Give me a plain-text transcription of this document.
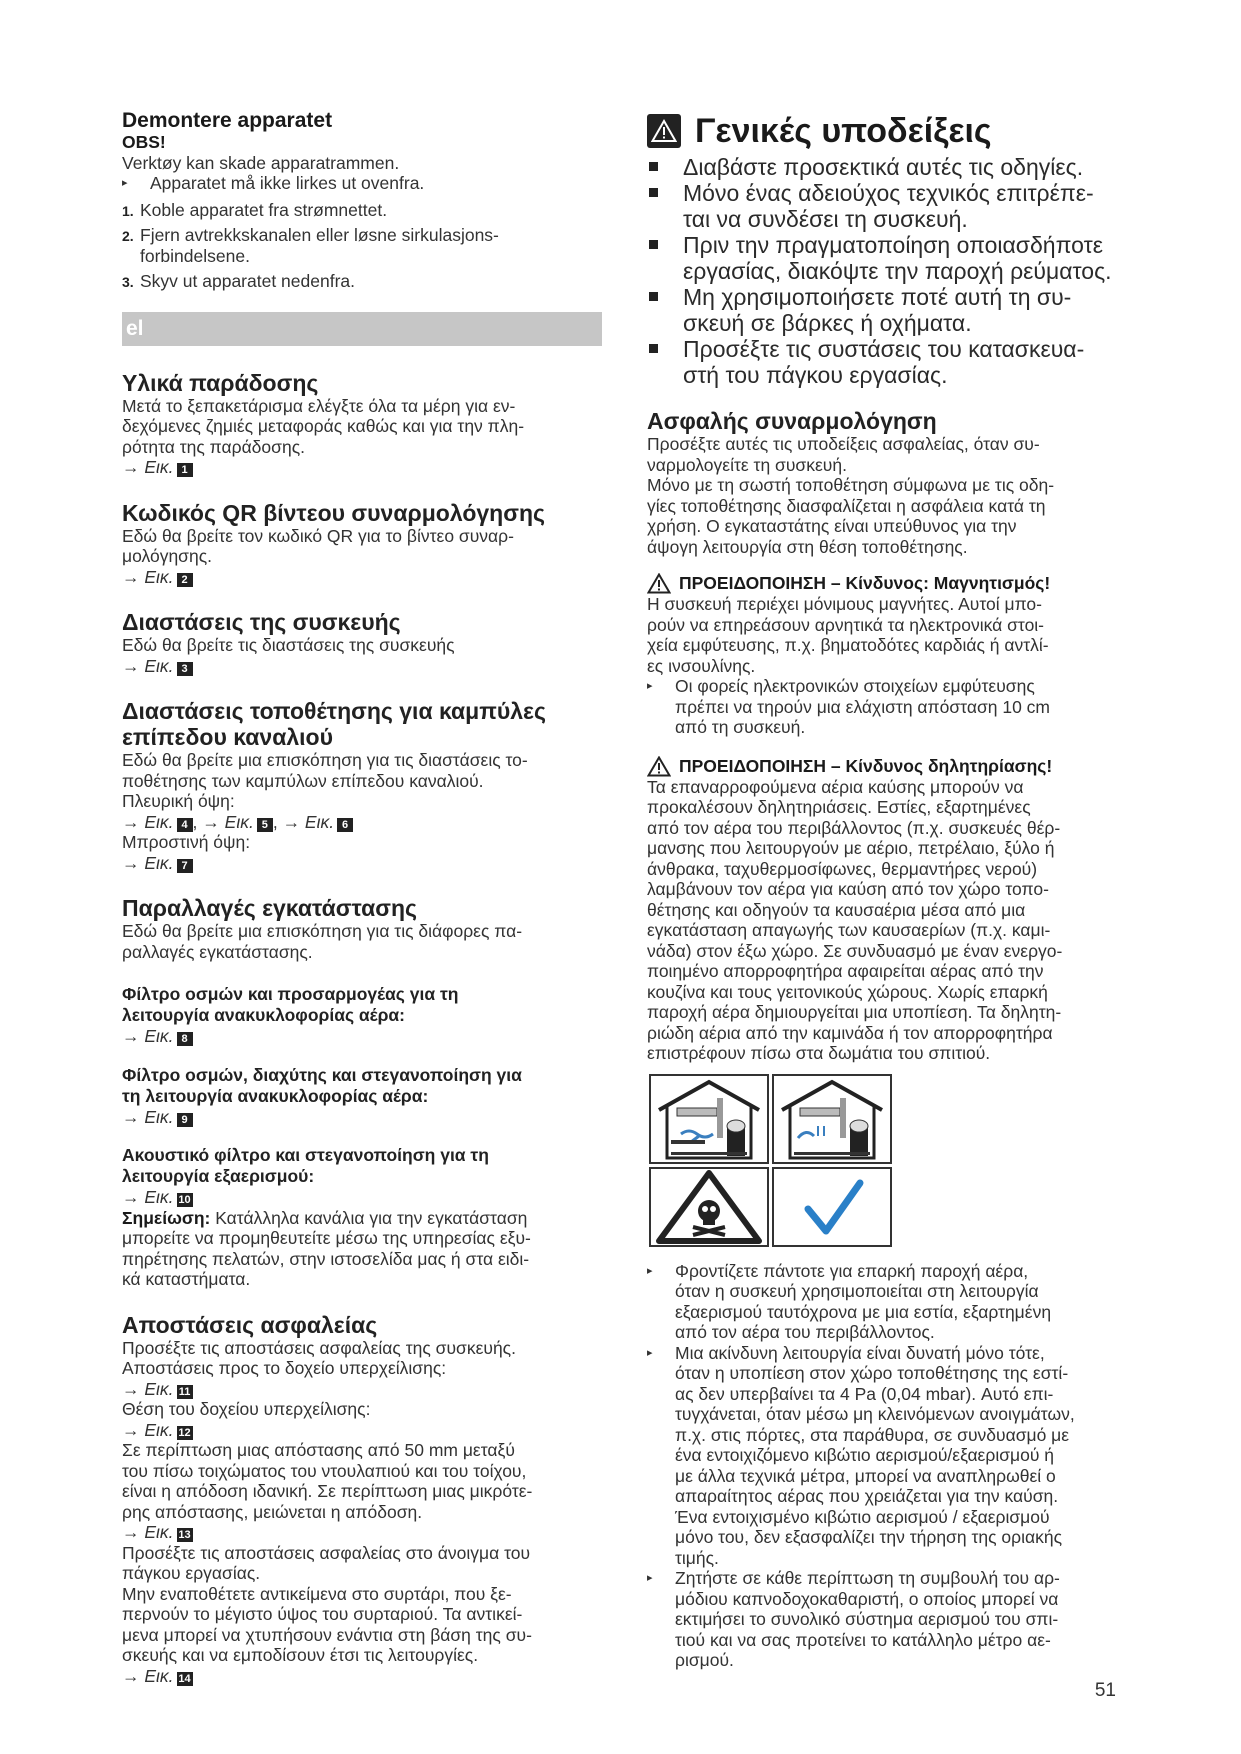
Demontere apparatet

OBS!

Verktøy kan skade apparatrammen.

▸ Apparatet må ikke lirkes ut ovenfra.

1. Koble apparatet fra strømnettet.

2. Fjern avtrekkskanalen eller løsne sirkulasjons-
forbindelsene.

3. Skyv ut apparatet nedenfra.

el
Υλικά παράδοσης

Μετά το ξεπακετάρισμα ελέγξτε όλα τα μέρη για εν-
δεχόμενες ζημιές μεταφοράς καθώς και για την πλη-
ρότητα της παράδοσης.

→ Εικ. 1

Κωδικός QR βίντεου συναρμολόγησης

Εδώ θα βρείτε τον κωδικό QR για το βίντεο συναρ-
μολόγησης.

→ Εικ. 2

Διαστάσεις της συσκευής

Εδώ θα βρείτε τις διαστάσεις της συσκευής

→ Εικ. 3

Διαστάσεις τοποθέτησης για καμπύλες
επίπεδου καναλιού

Εδώ θα βρείτε μια επισκόπηση για τις διαστάσεις το-
ποθέτησης των καμπύλων επίπεδου καναλιού.
Πλευρική όψη:

→ Εικ. 4 , → Εικ. 5 , → Εικ. 6

Μπροστινή όψη:

→ Εικ. 7

Παραλλαγές εγκατάστασης

Εδώ θα βρείτε μια επισκόπηση για τις διάφορες πα-
ραλλαγές εγκατάστασης.

Φίλτρο οσμών και προσαρμογέας για τη
λειτουργία ανακυκλοφορίας αέρα:

→ Εικ. 8

Φίλτρο οσμών, διαχύτης και στεγανοποίηση για
τη λειτουργία ανακυκλοφορίας αέρα:

→ Εικ. 9

Ακουστικό φίλτρο και στεγανοποίηση για τη
λειτουργία εξαερισμού:

→ Εικ. 10

Σημείωση: Κατάλληλα κανάλια για την εγκατάσταση
μπορείτε να προμηθευτείτε μέσω της υπηρεσίας εξυ-
πηρέτησης πελατών, στην ιστοσελίδα μας ή στα ειδι-
κά καταστήματα.

Αποστάσεις ασφαλείας

Προσέξτε τις αποστάσεις ασφαλείας της συσκευής.
Αποστάσεις προς το δοχείο υπερχείλισης:

→ Εικ. 11

Θέση του δοχείου υπερχείλισης:

→ Εικ. 12

Σε περίπτωση μιας απόστασης από 50 mm μεταξύ
του πίσω τοιχώματος του ντουλαπιού και του τοίχου,
είναι η απόδοση ιδανική. Σε περίπτωση μιας μικρότε-
ρης απόστασης, μειώνεται η απόδοση.

→ Εικ. 13

Προσέξτε τις αποστάσεις ασφαλείας στο άνοιγμα του
πάγκου εργασίας.
Μην εναποθέτετε αντικείμενα στο συρτάρι, που ξε-
περνούν το μέγιστο ύψος του συρταριού. Τα αντικεί-
μενα μπορεί να χτυπήσουν ενάντια στη βάση της συ-
σκευής και να εμποδίσουν έτσι τις λειτουργίες.

→ Εικ. 14

Γενικές υποδείξεις

Διαβάστε προσεκτικά αυτές τις οδηγίες.

Μόνο ένας αδειούχος τεχνικός επιτρέπε-
ται να συνδέσει τη συσκευή.

Πριν την πραγματοποίηση οποιασδήποτε
εργασίας, διακόψτε την παροχή ρεύματος.

Μη χρησιμοποιήσετε ποτέ αυτή τη συ-
σκευή σε βάρκες ή οχήματα.

Προσέξτε τις συστάσεις του κατασκευα-
στή του πάγκου εργασίας.

Ασφαλής συναρμολόγηση

Προσέξτε αυτές τις υποδείξεις ασφαλείας, όταν συ-
ναρμολογείτε τη συσκευή.
Μόνο με τη σωστή τοποθέτηση σύμφωνα με τις οδη-
γίες τοποθέτησης διασφαλίζεται η ασφάλεια κατά τη
χρήση. Ο εγκαταστάτης είναι υπεύθυνος για την
άψογη λειτουργία στη θέση τοποθέτησης.

ΠΡΟΕΙΔΟΠΟΙΗΣΗ – Κίνδυνος: Μαγνητισμός!

Η συσκευή περιέχει μόνιμους μαγνήτες. Αυτοί μπο-
ρούν να επηρεάσουν αρνητικά τα ηλεκτρονικά στοι-
χεία εμφύτευσης, π.χ. βηματοδότες καρδιάς ή αντλί-
ες ινσουλίνης.

▸ Οι φορείς ηλεκτρονικών στοιχείων εμφύτευσης
πρέπει να τηρούν μια ελάχιστη απόσταση 10 cm
από τη συσκευή.

ΠΡΟΕΙΔΟΠΟΙΗΣΗ – Κίνδυνος δηλητηρίασης!

Τα επαναρροφούμενα αέρια καύσης μπορούν να
προκαλέσουν δηλητηριάσεις. Εστίες, εξαρτημένες
από τον αέρα του περιβάλλοντος (π.χ. συσκευές θέρ-
μανσης που λειτουργούν με αέριο, πετρέλαιο, ξύλο ή
άνθρακα, ταχυθερμοσίφωνες, θερμαντήρες νερού)
λαμβάνουν τον αέρα για καύση από τον χώρο τοπο-
θέτησης και οδηγούν τα καυσαέρια μέσα από μια
εγκατάσταση απαγωγής των καυσαερίων (π.χ. καμι-
νάδα) στον έξω χώρο. Σε συνδυασμό με έναν ενεργο-
ποιημένο απορροφητήρα αφαιρείται αέρας από την
κουζίνα και τους γειτονικούς χώρους. Χωρίς επαρκή
παροχή αέρα δημιουργείται μια υποπίεση. Τα δηλητη-
ριώδη αέρια από την καμινάδα ή τον απορροφητήρα
επιστρέφουν πίσω στα δωμάτια του σπιτιού.

▸ Φροντίζετε πάντοτε για επαρκή παροχή αέρα,
όταν η συσκευή χρησιμοποιείται στη λειτουργία
εξαερισμού ταυτόχρονα με μια εστία, εξαρτημένη
από τον αέρα του περιβάλλοντος.

▸ Μια ακίνδυνη λειτουργία είναι δυνατή μόνο τότε,
όταν η υποπίεση στον χώρο τοποθέτησης της εστί-
ας δεν υπερβαίνει τα 4 Pa (0,04 mbar). Αυτό επι-
τυγχάνεται, όταν μέσω μη κλεινόμενων ανοιγμάτων,
π.χ. στις πόρτες, στα παράθυρα, σε συνδυασμό με
ένα εντοιχιζόμενο κιβώτιο αερισμού/εξαερισμού ή
με άλλα τεχνικά μέτρα, μπορεί να αναπληρωθεί ο
απαραίτητος αέρας που χρειάζεται για την καύση.
Ένα εντοιχισμένο κιβώτιο αερισμού / εξαερισμού
μόνο του, δεν εξασφαλίζει την τήρηση της οριακής
τιμής.

▸ Ζητήστε σε κάθε περίπτωση τη συμβουλή του αρ-
μόδιου καπνοδοχοκαθαριστή, ο οποίος μπορεί να
εκτιμήσει το συνολικό σύστημα αερισμού του σπι-
τιού και να σας προτείνει το κατάλληλο μέτρο αε-
ρισμού.

51
